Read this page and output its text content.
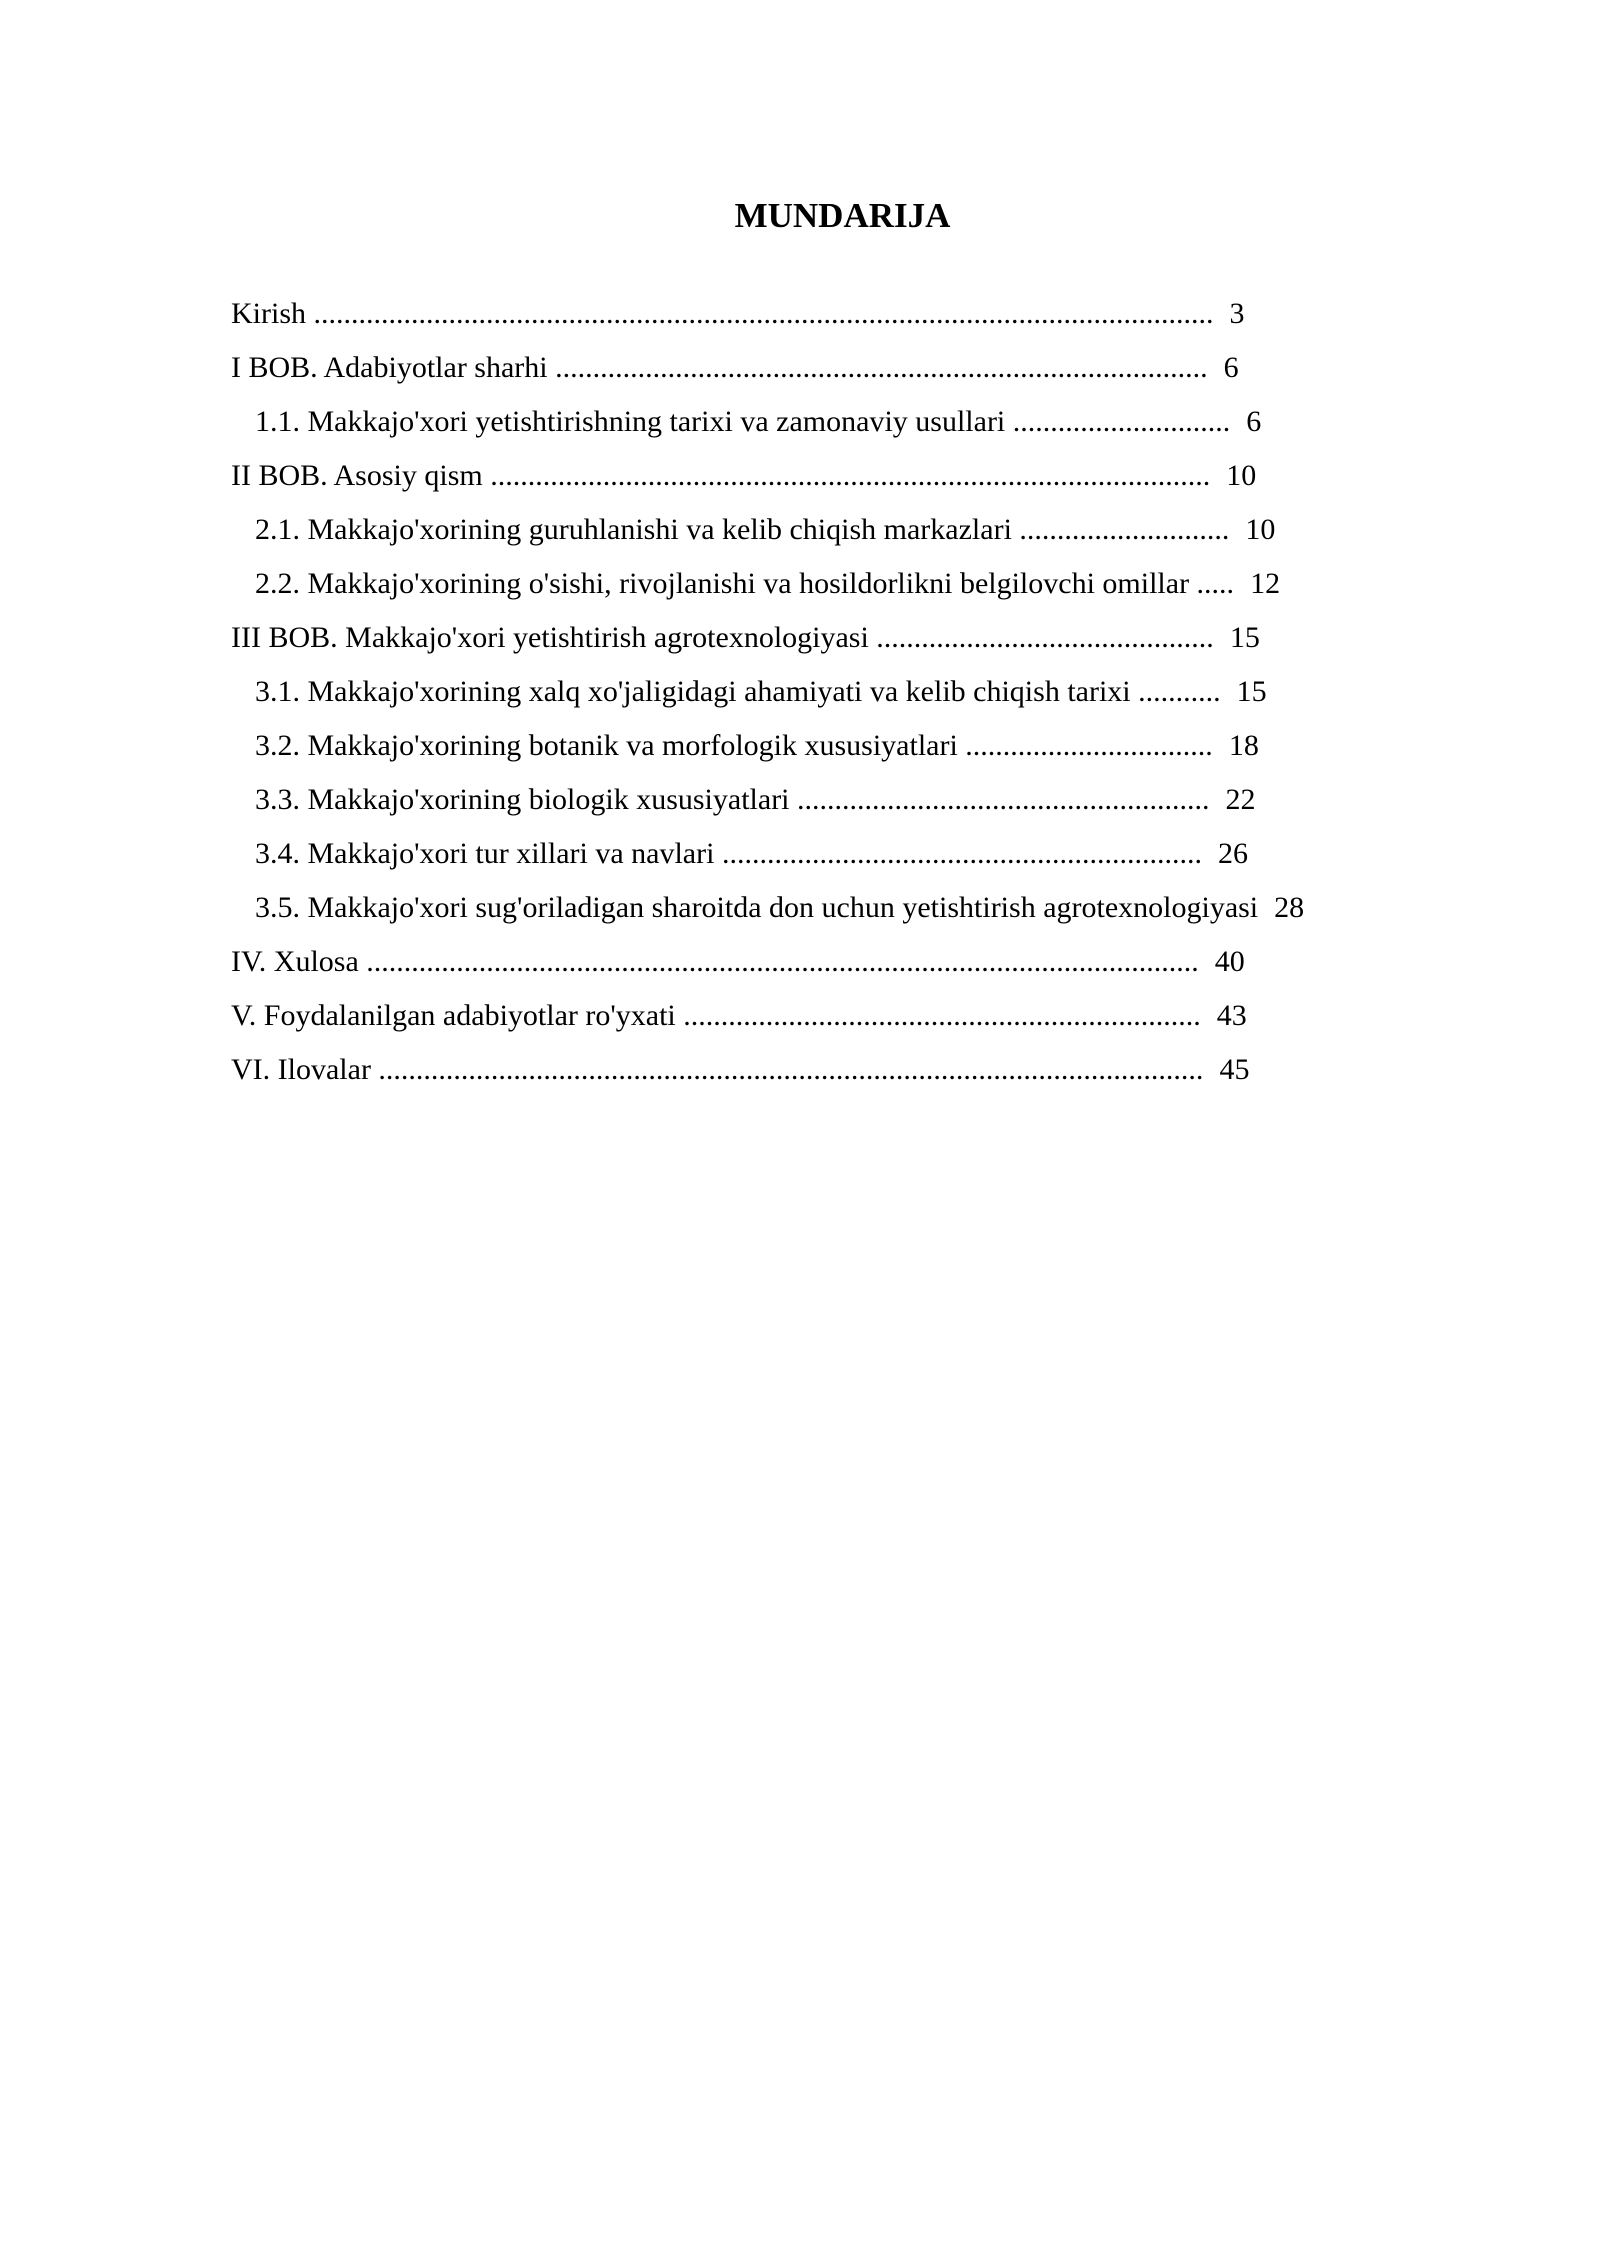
MUNDARIJA
Kirish ........................................................................................................................ 3
I BOB. Adabiyotlar sharhi ....................................................................................... 6
1.1. Makkajo'xori yetishtirishning tarixi va zamonaviy usullari ............................. 6
II BOB. Asosiy qism ................................................................................................ 10
2.1. Makkajo'xorining guruhlanishi va kelib chiqish markazlari ............................ 10
2.2. Makkajo'xorining o'sishi, rivojlanishi va hosildorlikni belgilovchi omillar ..... 12
III BOB. Makkajo'xori yetishtirish agrotexnologiyasi ............................................. 15
3.1. Makkajo'xorining xalq xo'jaligidagi ahamiyati va kelib chiqish tarixi ........... 15
3.2. Makkajo'xorining botanik va morfologik xususiyatlari ................................. 18
3.3. Makkajo'xorining biologik xususiyatlari ....................................................... 22
3.4. Makkajo'xori tur xillari va navlari ................................................................ 26
3.5. Makkajo'xori sug'oriladigan sharoitda don uchun yetishtirish agrotexnologiyasi 28
IV. Xulosa ............................................................................................................... 40
V. Foydalanilgan adabiyotlar ro'yxati ..................................................................... 43
VI. Ilovalar .............................................................................................................. 45
